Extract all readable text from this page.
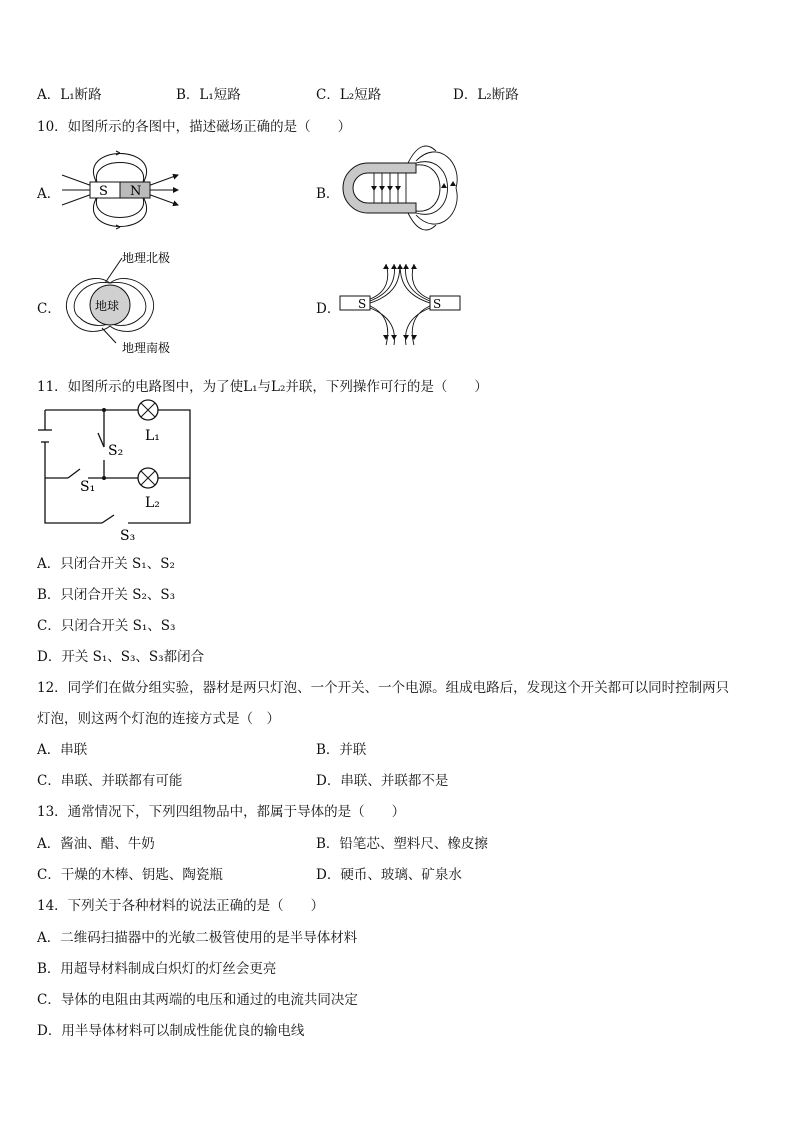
A．L₁断路	B．L₁短路	C．L₂短路	D．L₂断路
10．如图所示的各图中，描述磁场正确的是（　　）
A．	S N	B．
C．
地理北极
地球
地理南极
D． S	S
11．如图所示的电路图中，为了使L₁与L₂并联，下列操作可行的是（　　）
L₁
L₂
S₂
S₁
S₃
A．只闭合开关 S₁、S₂
B．只闭合开关 S₂、S₃
C．只闭合开关 S₁、S₃
D．开关 S₁、S₃、S₃都闭合
12．同学们在做分组实验，器材是两只灯泡、一个开关、一个电源。组成电路后，发现这个开关都可以同时控制两只
灯泡，则这两个灯泡的连接方式是（　）
A．串联	B．并联
C．串联、并联都有可能	D．串联、并联都不是
13．通常情况下，下列四组物品中，都属于导体的是（　　）
A．酱油、醋、牛奶	B．铅笔芯、塑料尺、橡皮擦
C．干燥的木棒、钥匙、陶瓷瓶	D．硬币、玻璃、矿泉水
14．下列关于各种材料的说法正确的是（　　）
A．二维码扫描器中的光敏二极管使用的是半导体材料
B．用超导材料制成白炽灯的灯丝会更亮
C．导体的电阻由其两端的电压和通过的电流共同决定
D．用半导体材料可以制成性能优良的输电线
